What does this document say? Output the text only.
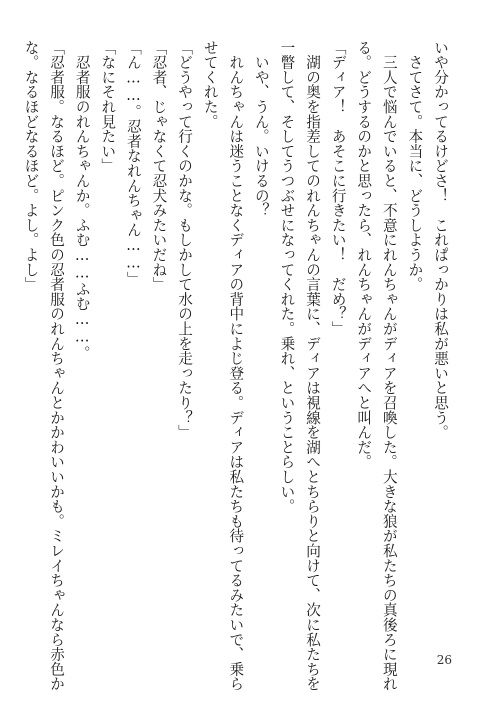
いや分かってるけどさ！　これぱっかりは私が悪いと思う。
　さてさて。本当に、どうしようか。
　三人で悩んでいると、不意にれんちゃんがディアを召喚した。大きな狼が私たちの真後ろに現れ
る。どうするのかと思ったら、れんちゃんがディアへと叫んだ。
「ディア！　あそこに行きたい！　だめ？」
　湖の奥を指差してのれんちゃんの言葉に、ディアは視線を湖へとちらりと向けて、次に私たちを
一瞥して、そしてうつぶせになってくれた。乗れ、ということらしい。
　いや、うん。いけるの？
　れんちゃんは迷うことなくディアの背中によじ登る。ディアは私たちも待ってるみたいで、乗ら
せてくれた。
「どうやって行くのかな。もしかして水の上を走ったり？」
「忍者、じゃなくて忍犬みたいだね」
「ん……。忍者なれんちゃん……」
「なにそれ見たい」
　忍者服のれんちゃんか。ふむ……ふむ……。
「忍者服。なるほど。ピンク色の忍者服のれんちゃんとかかわいいかも。ミレイちゃんなら赤色か
な。なるほどなるほど。よし。よし」
26
